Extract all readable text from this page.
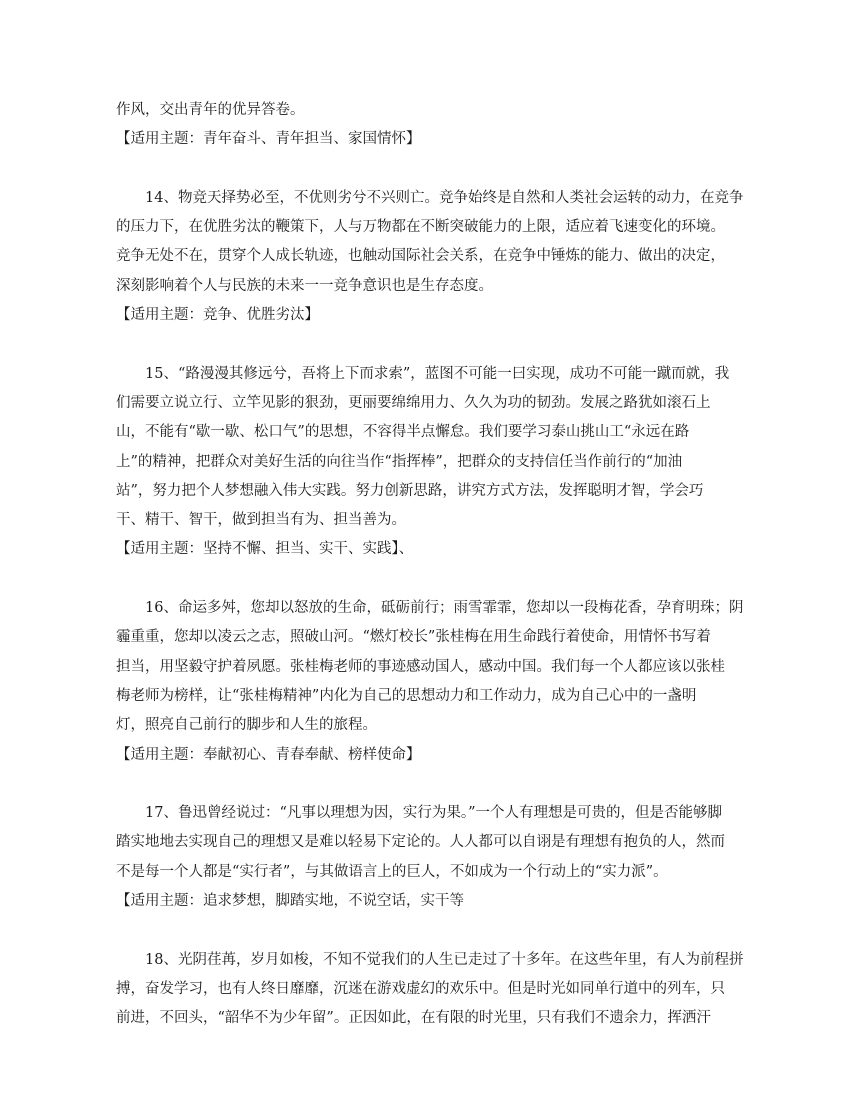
作风，交出青年的优异答卷。

【适用主题：青年奋斗、青年担当、家国情怀】

14、物竞天择势必至，不优则劣兮不兴则亡。竞争始终是自然和人类社会运转的动力，在竞争
的压力下，在优胜劣汰的鞭策下，人与万物都在不断突破能力的上限，适应着飞速变化的环境。
竞争无处不在，贯穿个人成长轨迹，也触动国际社会关系，在竞争中锤炼的能力、做出的决定，
深刻影响着个人与民族的未来一一竞争意识也是生存态度。

【适用主题：竞争、优胜劣汰】

15、“路漫漫其修远兮，吾将上下而求索”，蓝图不可能一曰实现，成功不可能一蹴而就，我
们需要立说立行、立竿见影的狠劲，更丽要绵绵用力、久久为功的韧劲。发展之路犹如滚石上
山，不能有“歇一歇、松口气”的思想，不容得半点懈怠。我们要学习泰山挑山工“永远在路
上”的精神，把群众对美好生活的向往当作“指挥棒”，把群众的支持信任当作前行的“加油
站”，努力把个人梦想融入伟大实践。努力创新思路，讲究方式方法，发挥聪明才智，学会巧
干、精干、智干，做到担当有为、担当善为。

【适用主题：坚持不懈、担当、实干、实践】、

16、命运多舛，您却以怒放的生命，砥砺前行；雨雪霏霏，您却以一段梅花香，孕育明珠；阴
霾重重，您却以凌云之志，照破山河。“燃灯校长”张桂梅在用生命践行着使命，用情怀书写着
担当，用坚毅守护着夙愿。张桂梅老师的事迹感动国人，感动中国。我们每一个人都应该以张桂
梅老师为榜样，让“张桂梅精神”内化为自己的思想动力和工作动力，成为自己心中的一盏明
灯，照亮自己前行的脚步和人生的旅程。

【适用主题：奉献初心、青春奉献、榜样使命】

17、鲁迅曾经说过：“凡事以理想为因，实行为果。”一个人有理想是可贵的，但是否能够脚
踏实地地去实现自己的理想又是难以轻易下定论的。人人都可以自诩是有理想有抱负的人，然而
不是每一个人都是“实行者”，与其做语言上的巨人，不如成为一个行动上的“实力派”。

【适用主题：追求梦想，脚踏实地，不说空话，实干等

18、光阴荏苒，岁月如梭，不知不觉我们的人生已走过了十多年。在这些年里，有人为前程拼
搏，奋发学习，也有人终日靡靡，沉迷在游戏虚幻的欢乐中。但是时光如同单行道中的列车，只
前进，不回头，“韶华不为少年留”。正因如此，在有限的时光里，只有我们不遗余力，挥洒汗
